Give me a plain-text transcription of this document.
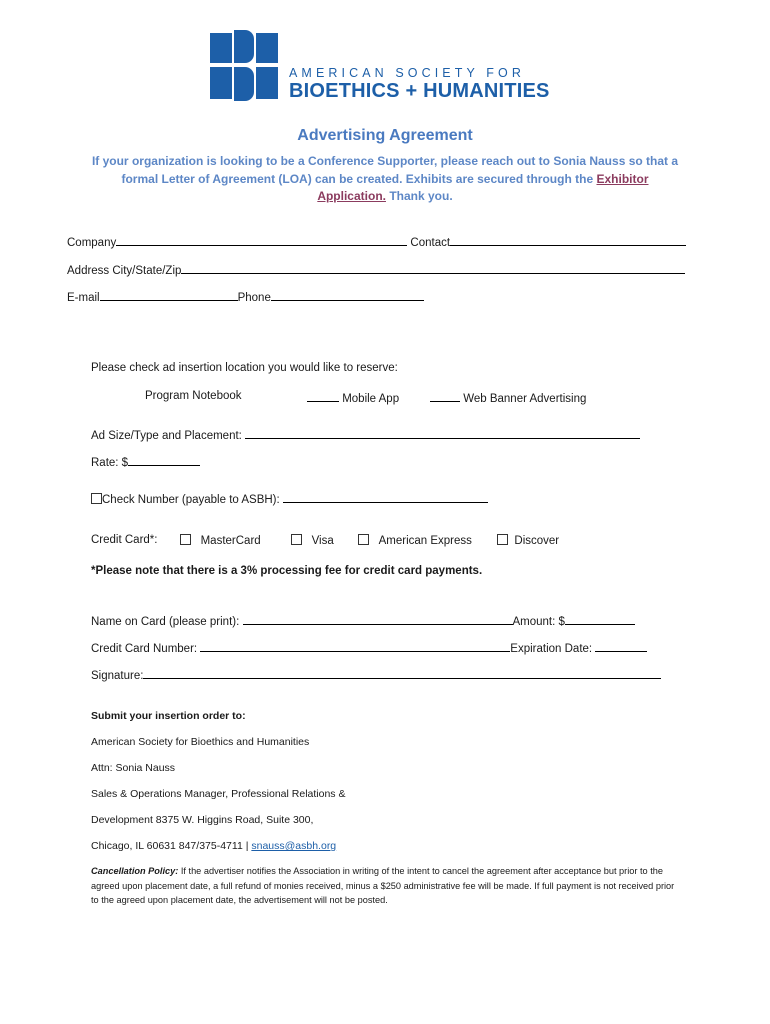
AMERICAN SOCIETY FOR
BIOETHICS + HUMANITIES
Advertising Agreement
If your organization is looking to be a Conference Supporter, please reach out to Sonia Nauss so that a
formal Letter of Agreement (LOA) can be created. Exhibits are secured through the Exhibitor
Application. Thank you.
Company	Contact
Address City/State/Zip
E-mail	Phone
Please check ad insertion location you would like to reserve:
Program Notebook	Mobile App	Web Banner Advertising
Ad Size/Type and Placement:
Rate: $
Check Number (payable to ASBH):
Credit Card*:	MasterCard	Visa	American Express	Discover
*Please note that there is a 3% processing fee for credit card payments.
Name on Card (please print):	Amount: $
Credit Card Number:	Expiration Date:
Signature:
Submit your insertion order to:
American Society for Bioethics and Humanities
Attn: Sonia Nauss
Sales & Operations Manager, Professional Relations &
Development 8375 W. Higgins Road, Suite 300,
Chicago, IL 60631 847/375-4711 | snauss@asbh.org
Cancellation Policy: If the advertiser notifies the Association in writing of the intent to cancel the agreement after acceptance but prior to the agreed upon placement date, a full refund of monies received, minus a $250 administrative fee will be made. If full payment is not received prior to the agreed upon placement date, the advertisement will not be posted.
